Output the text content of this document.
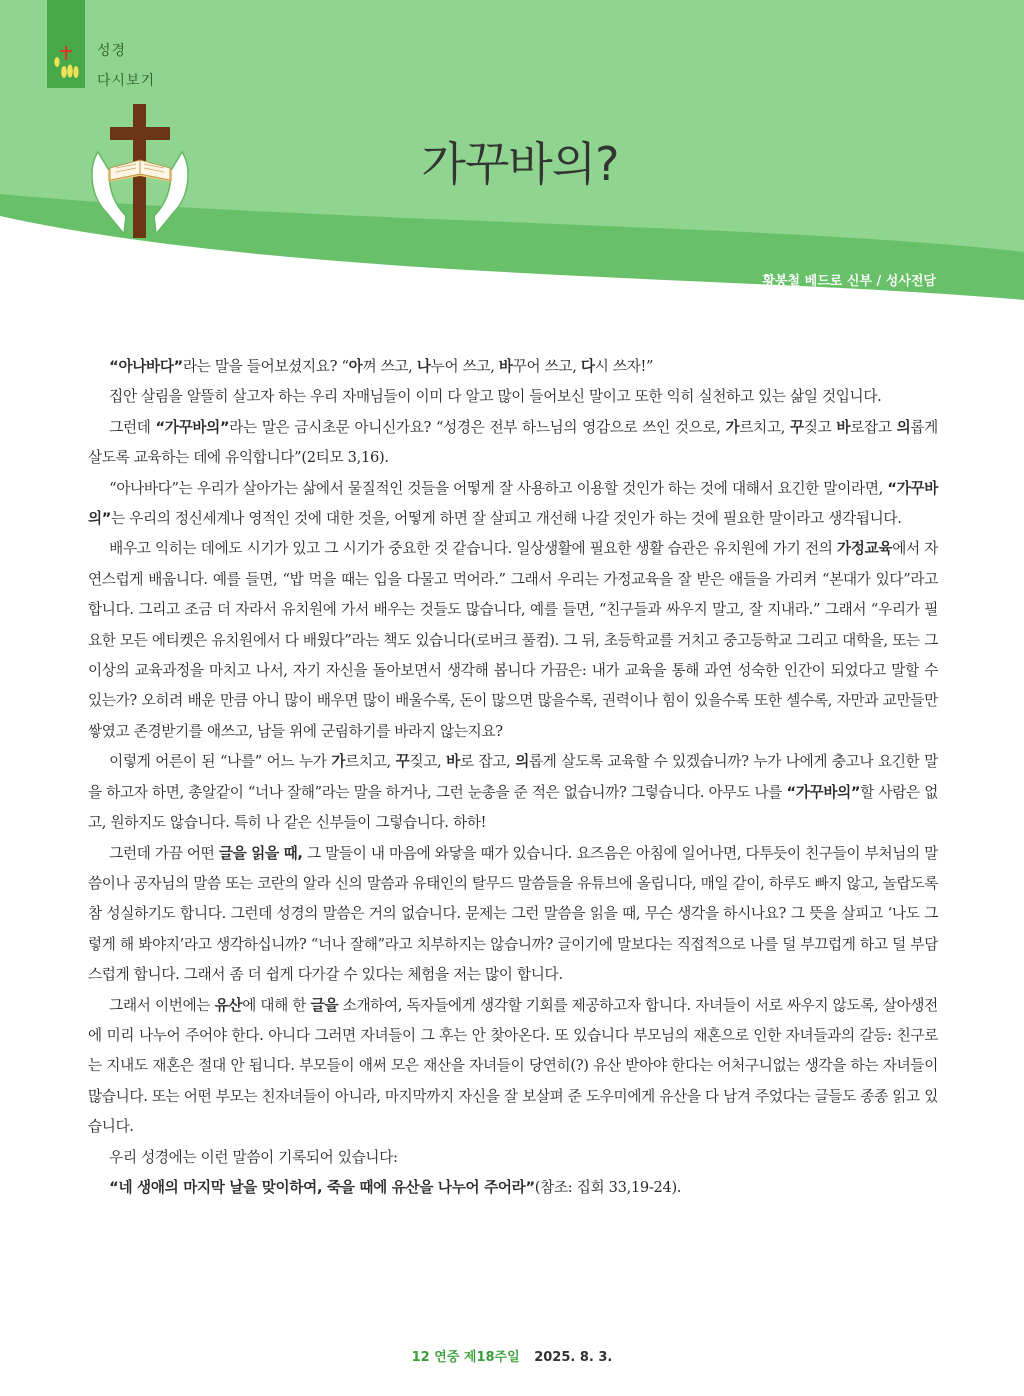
성경
다시보기
가꾸바의?
황봉철 베드로 신부 / 성사전담

“아나바다”라는 말을 들어보셨지요? “아껴 쓰고, 나누어 쓰고, 바꾸어 쓰고, 다시 쓰자!”

집안 살림을 알뜰히 살고자 하는 우리 자매님들이 이미 다 알고 많이 들어보신 말이고 또한 익히 실천하고 있는 삶일 것입니다.

그런데 “가꾸바의”라는 말은 금시초문 아니신가요? “성경은 전부 하느님의 영감으로 쓰인 것으로, 가르치고, 꾸짖고 바로잡고 의롭게 살도록 교육하는 데에 유익합니다”(2티모 3,16).

“아나바다”는 우리가 살아가는 삶에서 물질적인 것들을 어떻게 잘 사용하고 이용할 것인가 하는 것에 대해서 요긴한 말이라면, “가꾸바의”는 우리의 정신세계나 영적인 것에 대한 것을, 어떻게 하면 잘 살피고 개선해 나갈 것인가 하는 것에 필요한 말이라고 생각됩니다.

배우고 익히는 데에도 시기가 있고 그 시기가 중요한 것 같습니다. 일상생활에 필요한 생활 습관은 유치원에 가기 전의 가정교육에서 자연스럽게 배웁니다. 예를 들면, “밥 먹을 때는 입을 다물고 먹어라.” 그래서 우리는 가정교육을 잘 받은 애들을 가리켜 “본대가 있다”라고 합니다. 그리고 조금 더 자라서 유치원에 가서 배우는 것들도 많습니다, 예를 들면, “친구들과 싸우지 말고, 잘 지내라.” 그래서 “우리가 필요한 모든 에티켓은 유치원에서 다 배웠다”라는 책도 있습니다(로버크 풀컴). 그 뒤, 초등학교를 거치고 중고등학교 그리고 대학을, 또는 그 이상의 교육과정을 마치고 나서, 자기 자신을 돌아보면서 생각해 봅니다 가끔은: 내가 교육을 통해 과연 성숙한 인간이 되었다고 말할 수 있는가? 오히려 배운 만큼 아니 많이 배우면 많이 배울수록, 돈이 많으면 많을수록, 권력이나 힘이 있을수록 또한 셀수록, 자만과 교만들만 쌓였고 존경받기를 애쓰고, 남들 위에 군림하기를 바라지 않는지요?

이렇게 어른이 된 “나를” 어느 누가 가르치고, 꾸짖고, 바로 잡고, 의롭게 살도록 교육할 수 있겠습니까? 누가 나에게 충고나 요긴한 말을 하고자 하면, 총알같이 “너나 잘해”라는 말을 하거나, 그런 눈총을 준 적은 없습니까? 그렇습니다. 아무도 나를 “가꾸바의”할 사람은 없고, 원하지도 않습니다. 특히 나 같은 신부들이 그렇습니다. 하하!

그런데 가끔 어떤 글을 읽을 때, 그 말들이 내 마음에 와닿을 때가 있습니다. 요즈음은 아침에 일어나면, 다투듯이 친구들이 부처님의 말씀이나 공자님의 말씀 또는 코란의 알라 신의 말씀과 유태인의 탈무드 말씀들을 유튜브에 올립니다, 매일 같이, 하루도 빠지 않고, 놀랍도록 참 성실하기도 합니다. 그런데 성경의 말씀은 거의 없습니다. 문제는 그런 말씀을 읽을 때, 무슨 생각을 하시나요? 그 뜻을 살피고 ‘나도 그렇게 해 봐야지’라고 생각하십니까? “너나 잘해”라고 치부하지는 않습니까? 글이기에 말보다는 직접적으로 나를 덜 부끄럽게 하고 덜 부담스럽게 합니다. 그래서 좀 더 쉽게 다가갈 수 있다는 체험을 저는 많이 합니다.

그래서 이번에는 유산에 대해 한 글을 소개하여, 독자들에게 생각할 기회를 제공하고자 합니다. 자녀들이 서로 싸우지 않도록, 살아생전에 미리 나누어 주어야 한다. 아니다 그러면 자녀들이 그 후는 안 찾아온다. 또 있습니다 부모님의 재혼으로 인한 자녀들과의 갈등: 친구로는 지내도 재혼은 절대 안 됩니다. 부모들이 애써 모은 재산을 자녀들이 당연히(?) 유산 받아야 한다는 어처구니없는 생각을 하는 자녀들이 많습니다. 또는 어떤 부모는 친자녀들이 아니라, 마지막까지 자신을 잘 보살펴 준 도우미에게 유산을 다 남겨 주었다는 글들도 종종 읽고 있습니다.

우리 성경에는 이런 말씀이 기록되어 있습니다:

“네 생애의 마지막 날을 맞이하여, 죽을 때에 유산을 나누어 주어라”(참조: 집회 33,19-24).

12 연중 제18주일 2025. 8. 3.
